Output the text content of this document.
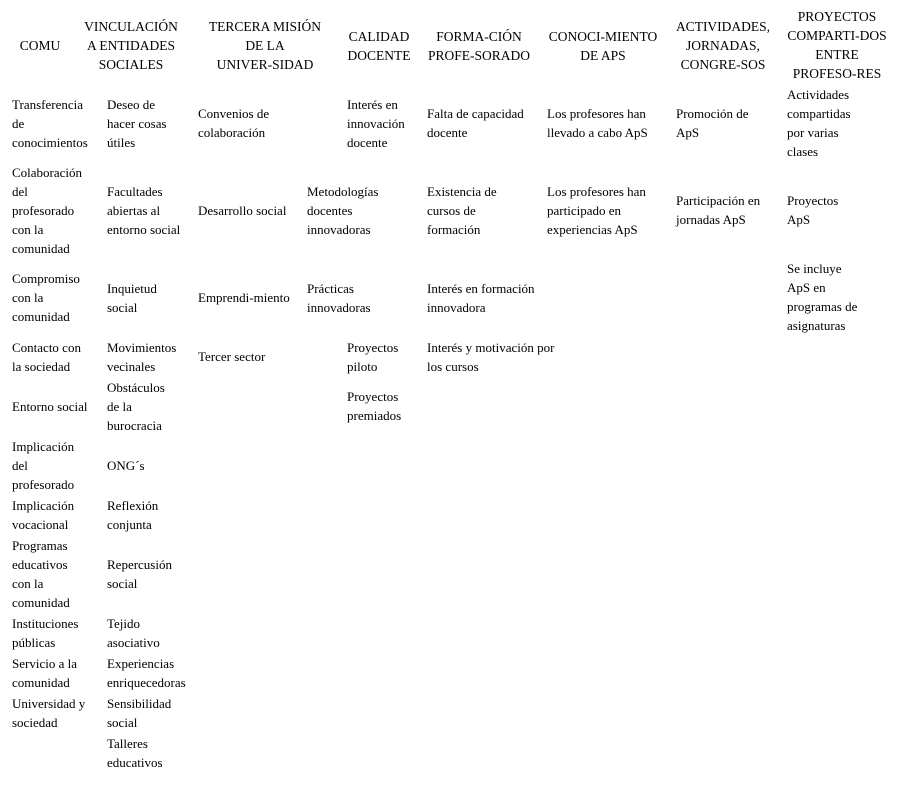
COMU
VINCULACIÓN
A ENTIDADES
SOCIALES
TERCERA MISIÓN
DE LA
UNIVER-SIDAD
CALIDAD
DOCENTE
FORMA-CIÓN
PROFE-SORADO
CONOCI-MIENTO
DE APS
ACTIVIDADES,
JORNADAS,
CONGRE-SOS
PROYECTOS
COMPARTI-DOS
ENTRE
PROFESO-RES
Transferencia
de
conocimientos
Colaboración
del
profesorado
con la
comunidad
Compromiso
con la
comunidad
Contacto con
la sociedad
Entorno social
Implicación
del
profesorado
Implicación
vocacional
Programas
educativos
con la
comunidad
Instituciones
públicas
Servicio a la
comunidad
Universidad y
sociedad
Deseo de
hacer cosas
útiles
Facultades
abiertas al
entorno social
Inquietud
social
Movimientos
vecinales
Obstáculos
de la
burocracia
ONG´s
Reflexión
conjunta
Repercusión
social
Tejido
asociativo
Experiencias
enriquecedoras
Sensibilidad
social
Talleres
educativos
Convenios de
colaboración
Desarrollo social
Emprendi-miento
Tercer sector
Interés en
innovación
docente
Metodologías
docentes
innovadoras
Prácticas
innovadoras
Proyectos
piloto
Proyectos
premiados
Falta de capacidad
docente
Existencia de
cursos de
formación
Interés en formación
innovadora
Interés y motivación por
los cursos
Los profesores han
llevado a cabo ApS
Los profesores han
participado en
experiencias ApS
Promoción de
ApS
Participación en
jornadas ApS
Actividades
compartidas
por varias
clases
Proyectos
ApS
Se incluye
ApS en
programas de
asignaturas
